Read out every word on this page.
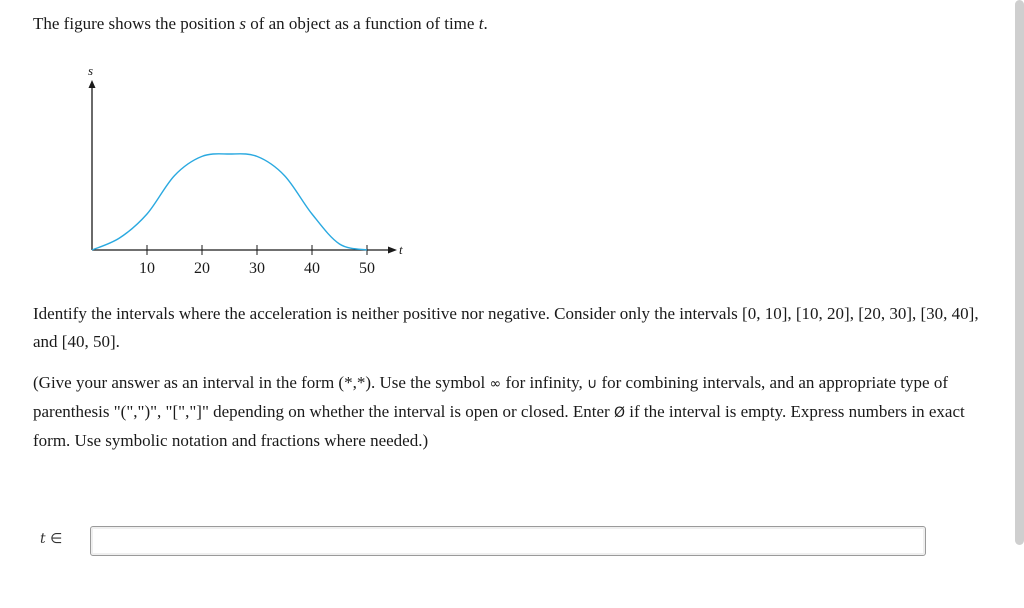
The figure shows the position s of an object as a function of time t.

s
t
10 20 30 40 50

Identify the intervals where the acceleration is neither positive nor negative. Consider only the intervals [0, 10], [10, 20], [20, 30], [30, 40], and [40, 50].

(Give your answer as an interval in the form (*,*). Use the symbol ∞ for infinity, ∪ for combining intervals, and an appropriate type of parenthesis "(",")", "[","]" depending on whether the interval is open or closed. Enter Ø if the interval is empty. Express numbers in exact form. Use symbolic notation and fractions where needed.)

t ∈
